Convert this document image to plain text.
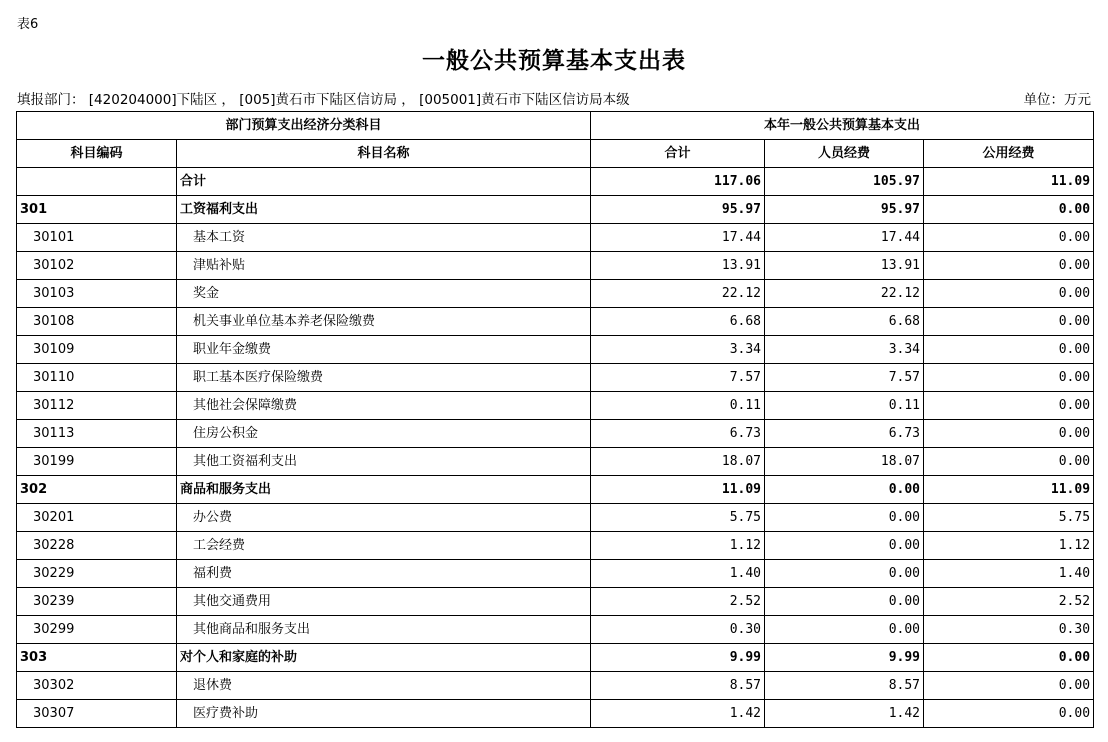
表6
一般公共预算基本支出表
填报部门： [420204000]下陆区 ， [005]黄石市下陆区信访局 ， [005001]黄石市下陆区信访局本级	单位：万元
部门预算支出经济分类科目		本年一般公共预算基本支出		
科目编码	科目名称	合计	人员经费	公用经费
	合计	117.06	105.97	11.09
301	工资福利支出	95.97	95.97	0.00
30101	基本工资	17.44	17.44	0.00
30102	津贴补贴	13.91	13.91	0.00
30103	奖金	22.12	22.12	0.00
30108	机关事业单位基本养老保险缴费	6.68	6.68	0.00
30109	职业年金缴费	3.34	3.34	0.00
30110	职工基本医疗保险缴费	7.57	7.57	0.00
30112	其他社会保障缴费	0.11	0.11	0.00
30113	住房公积金	6.73	6.73	0.00
30199	其他工资福利支出	18.07	18.07	0.00
302	商品和服务支出	11.09	0.00	11.09
30201	办公费	5.75	0.00	5.75
30228	工会经费	1.12	0.00	1.12
30229	福利费	1.40	0.00	1.40
30239	其他交通费用	2.52	0.00	2.52
30299	其他商品和服务支出	0.30	0.00	0.30
303	对个人和家庭的补助	9.99	9.99	0.00
30302	退休费	8.57	8.57	0.00
30307	医疗费补助	1.42	1.42	0.00
